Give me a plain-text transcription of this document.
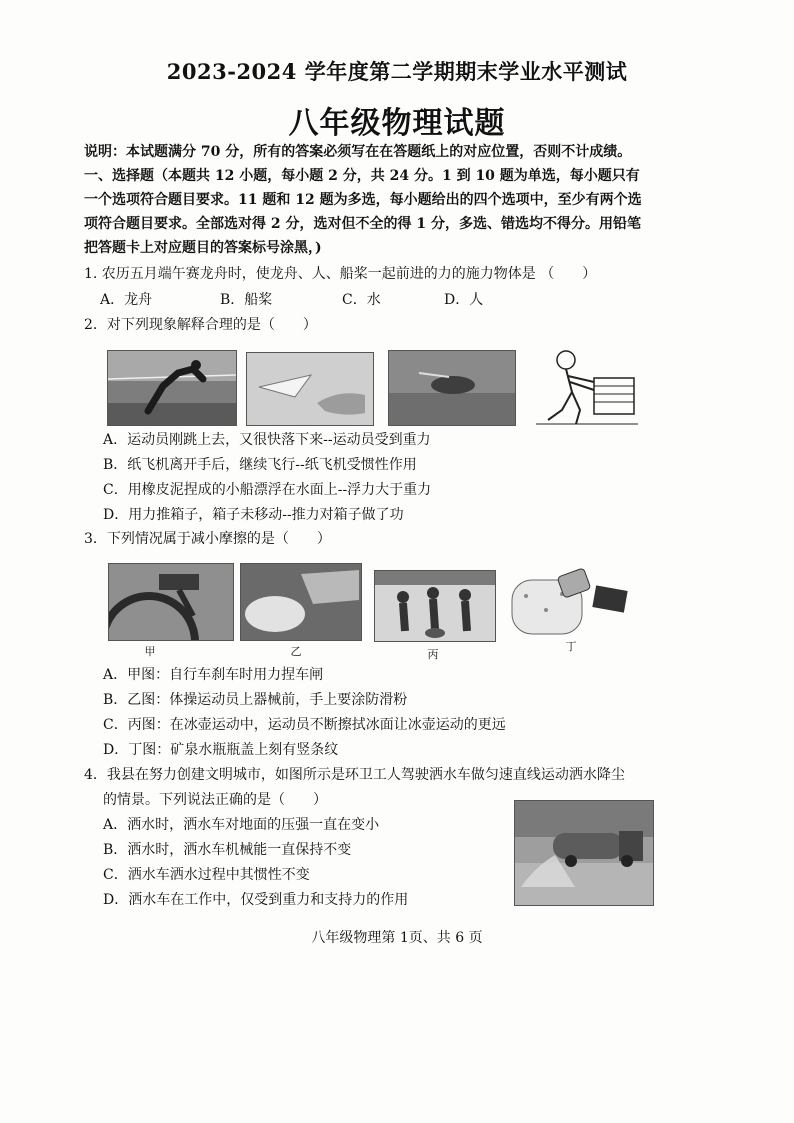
2023-2024 学年度第二学期期末学业水平测试
八年级物理试题
说明：本试题满分 70 分，所有的答案必须写在在答题纸上的对应位置，否则不计成绩。
一、选择题（本题共 12 小题，每小题 2 分，共 24 分。1 到 10 题为单选，每小题只有
一个选项符合题目要求。11 题和 12 题为多选，每小题给出的四个选项中，至少有两个选
项符合题目要求。全部选对得 2 分，选对但不全的得 1 分，多选、错选均不得分。用铅笔
把答题卡上对应题目的答案标号涂黑，)
1. 农历五月端午赛龙舟时，使龙舟、人、船桨一起前进的力的施力物体是 （　　）
A．龙舟	B．船桨	C．水	D．人
2．对下列现象解释合理的是（　　）
A．运动员刚跳上去，又很快落下来--运动员受到重力
B．纸飞机离开手后，继续飞行--纸飞机受惯性作用
C．用橡皮泥捏成的小船漂浮在水面上--浮力大于重力
D．用力推箱子，箱子未移动--推力对箱子做了功
3．下列情况属于减小摩擦的是（　　）
甲	乙	丙
丁
A．甲图：自行车刹车时用力捏车闸
B．乙图：体操运动员上器械前，手上要涂防滑粉
C．丙图：在冰壶运动中，运动员不断擦拭冰面让冰壶运动的更远
D．丁图：矿泉水瓶瓶盖上刻有竖条纹
4．我县在努力创建文明城市，如图所示是环卫工人驾驶洒水车做匀速直线运动洒水降尘
的情景。下列说法正确的是（　　）
A．洒水时，洒水车对地面的压强一直在变小
B．洒水时，洒水车机械能一直保持不变
C．洒水车洒水过程中其惯性不变
D．洒水车在工作中，仅受到重力和支持力的作用
八年级物理第 1页、共 6 页
